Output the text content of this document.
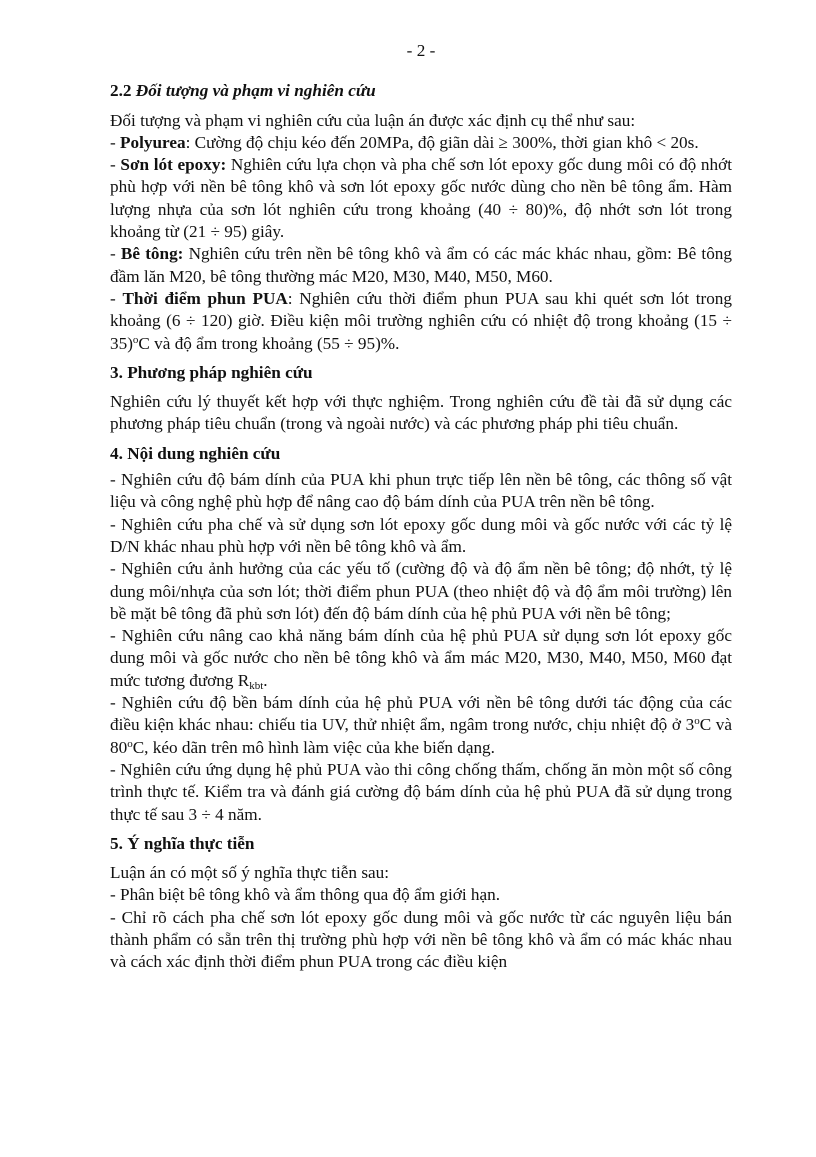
- 2 -
2.2 Đối tượng và phạm vi nghiên cứu

Đối tượng và phạm vi nghiên cứu của luận án được xác định cụ thể như sau:

- Polyurea: Cường độ chịu kéo đến 20MPa, độ giãn dài ≥ 300%, thời gian khô < 20s.

- Sơn lót epoxy: Nghiên cứu lựa chọn và pha chế sơn lót epoxy gốc dung môi có độ nhớt phù hợp với nền bê tông khô và sơn lót epoxy gốc nước dùng cho nền bê tông ẩm. Hàm lượng nhựa của sơn lót nghiên cứu trong khoảng (40 ÷ 80)%, độ nhớt sơn lót trong khoảng từ (21 ÷ 95) giây.

- Bê tông: Nghiên cứu trên nền bê tông khô và ẩm có các mác khác nhau, gồm: Bê tông đầm lăn M20, bê tông thường mác M20, M30, M40, M50, M60.

- Thời điểm phun PUA: Nghiên cứu thời điểm phun PUA sau khi quét sơn lót trong khoảng (6 ÷ 120) giờ. Điều kiện môi trường nghiên cứu có nhiệt độ trong khoảng $(15 \div 35)^oC$ và độ ẩm trong khoảng (55 ÷ 95)%.

3. Phương pháp nghiên cứu

Nghiên cứu lý thuyết kết hợp với thực nghiệm. Trong nghiên cứu đề tài đã sử dụng các phương pháp tiêu chuẩn (trong và ngoài nước) và các phương pháp phi tiêu chuẩn.

4. Nội dung nghiên cứu

- Nghiên cứu độ bám dính của PUA khi phun trực tiếp lên nền bê tông, các thông số vật liệu và công nghệ phù hợp để nâng cao độ bám dính của PUA trên nền bê tông.

- Nghiên cứu pha chế và sử dụng sơn lót epoxy gốc dung môi và gốc nước với các tỷ lệ D/N khác nhau phù hợp với nền bê tông khô và ẩm.

- Nghiên cứu ảnh hưởng của các yếu tố (cường độ và độ ẩm nền bê tông; độ nhớt, tỷ lệ dung môi/nhựa của sơn lót; thời điểm phun PUA (theo nhiệt độ và độ ẩm môi trường) lên bề mặt bê tông đã phủ sơn lót) đến độ bám dính của hệ phủ PUA với nền bê tông;

- Nghiên cứu nâng cao khả năng bám dính của hệ phủ PUA sử dụng sơn lót epoxy gốc dung môi và gốc nước cho nền bê tông khô và ẩm mác M20, M30, M40, M50, M60 đạt mức tương đương $R_{kbt}$.

- Nghiên cứu độ bền bám dính của hệ phủ PUA với nền bê tông dưới tác động của các điều kiện khác nhau: chiếu tia UV, thử nhiệt ẩm, ngâm trong nước, chịu nhiệt độ ở 3$^o$C và 80$^o$C, kéo dãn trên mô hình làm việc của khe biến dạng.

- Nghiên cứu ứng dụng hệ phủ PUA vào thi công chống thấm, chống ăn mòn một số công trình thực tế. Kiểm tra và đánh giá cường độ bám dính của hệ phủ PUA đã sử dụng trong thực tế sau 3 ÷ 4 năm.

5. Ý nghĩa thực tiễn

Luận án có một số ý nghĩa thực tiễn sau:

- Phân biệt bê tông khô và ẩm thông qua độ ẩm giới hạn.

- Chỉ rõ cách pha chế sơn lót epoxy gốc dung môi và gốc nước từ các nguyên liệu bán thành phẩm có sẵn trên thị trường phù hợp với nền bê tông khô và ẩm có mác khác nhau và cách xác định thời điểm phun PUA trong các điều kiện
